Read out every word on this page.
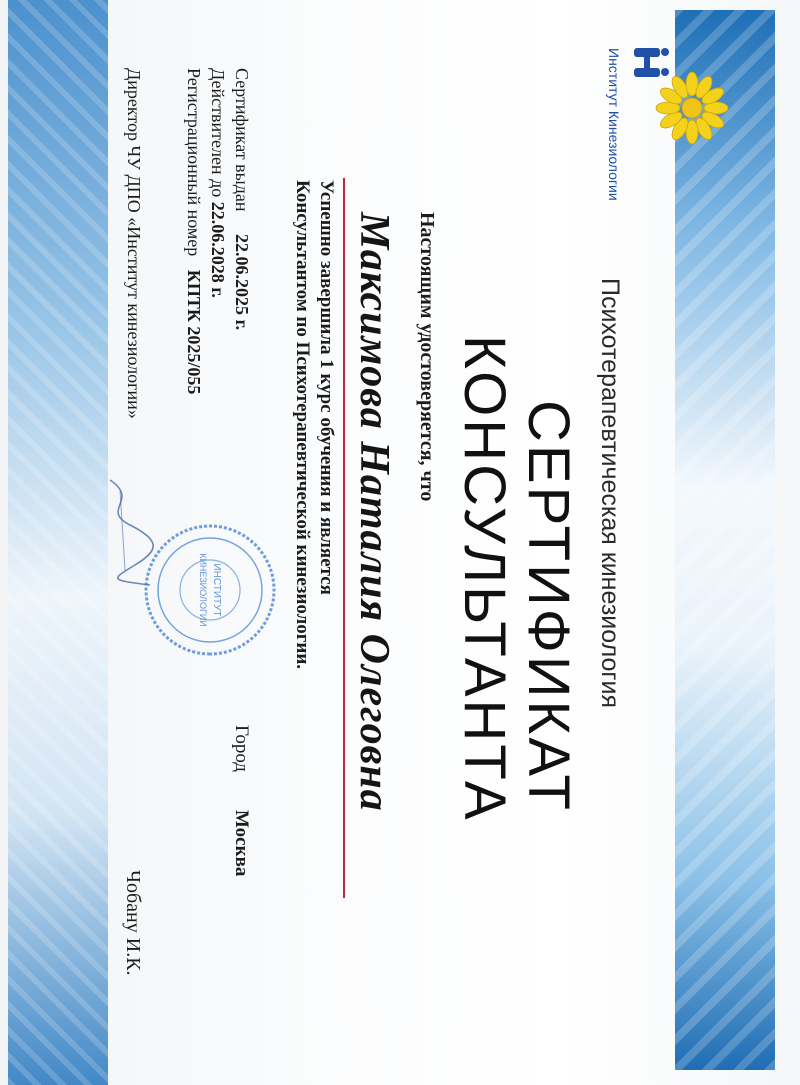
Институт Кинезиологии
Психотерапевтическая кинезиология
СЕРТИФИКАТ
КОНСУЛЬТАНТА
Настоящим удостоверяется, что
Максимова Наталия Олеговна
Успешно завершила 1 курс обучения и является
Консультантом по Психотерапевтической кинезиологии.
Сертификат выдан     22.06.2025 г.
Действителен до 22.06.2028 г.
Регистрационный номер   КПТК 2025/055
Город
Москва
ИНСТИТУТ
КИНЕЗИОЛОГИИ
Директор ЧУ ДПО «Институт кинезиологии»
Чобану И.К.
